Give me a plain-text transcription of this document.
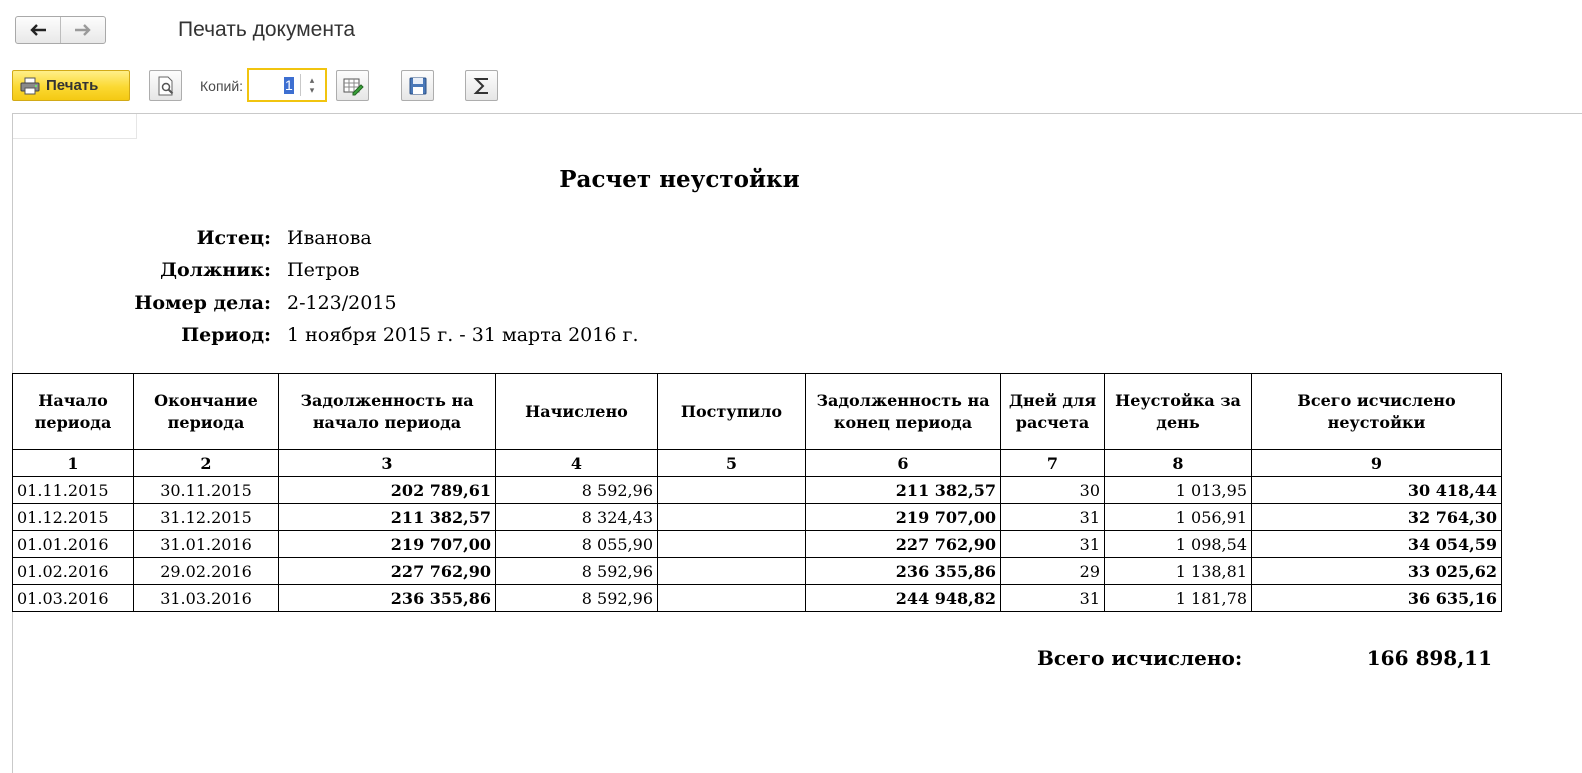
Печать документа
Печать	Копий:	1 ▴
▾
Расчет неустойки
Истец: Иванова
Должник: Петров
Номер дела: 2-123/2015
Период: 1 ноября 2015 г. - 31 марта 2016 г.
Начало периода	Окончание периода	Задолженность на начало периода	Начислено	Поступило	Задолженность на конец периода	Дней для расчета	Неустойка за день	Всего исчислено неустойки
1	2	3	4	5	6	7	8	9
01.11.2015	30.11.2015	202 789,61	8 592,96		211 382,57	30	1 013,95	30 418,44
01.12.2015	31.12.2015	211 382,57	8 324,43		219 707,00	31	1 056,91	32 764,30
01.01.2016	31.01.2016	219 707,00	8 055,90		227 762,90	31	1 098,54	34 054,59
01.02.2016	29.02.2016	227 762,90	8 592,96		236 355,86	29	1 138,81	33 025,62
01.03.2016	31.03.2016	236 355,86	8 592,96		244 948,82	31	1 181,78	36 635,16
Всего исчислено:	166 898,11
